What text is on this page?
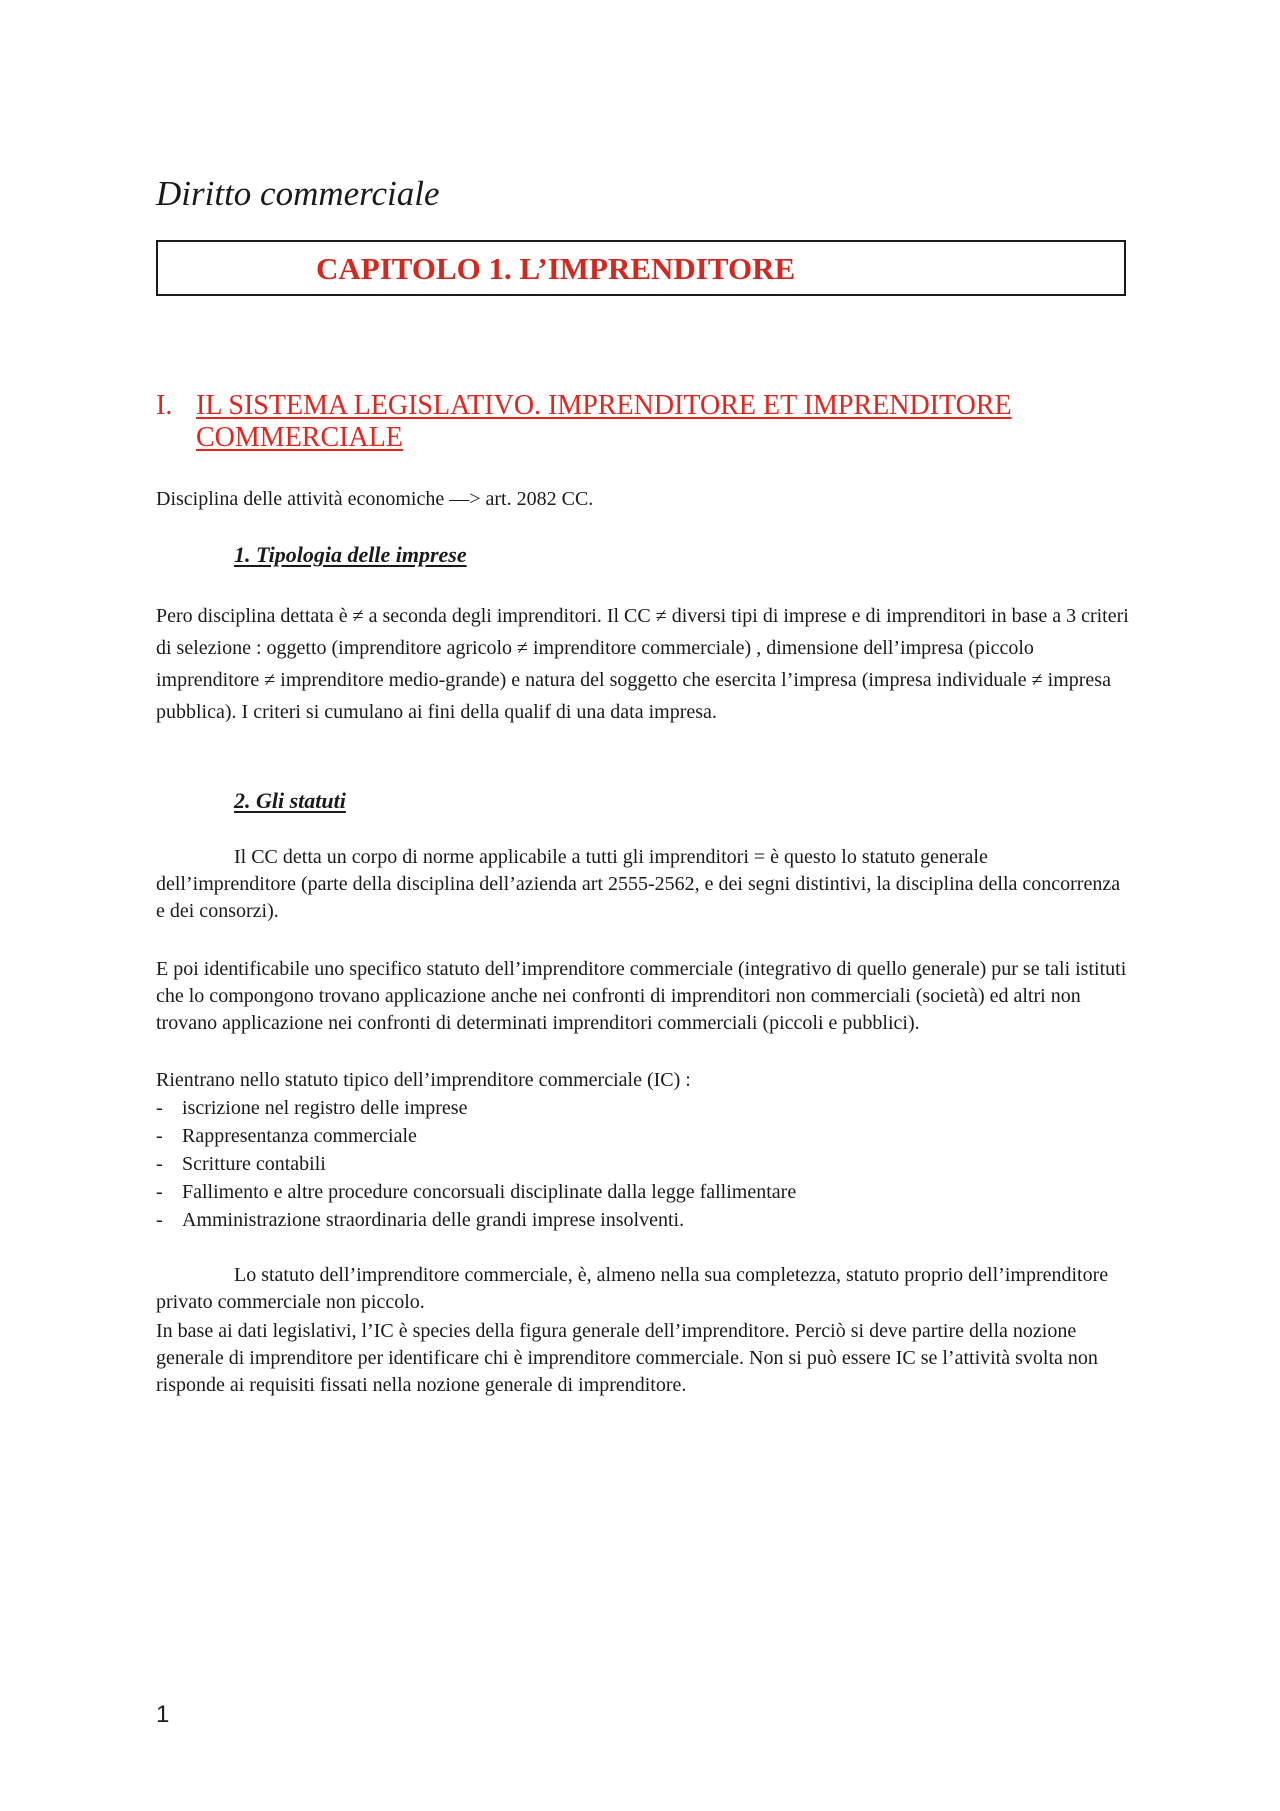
Diritto commerciale
CAPITOLO 1. L’IMPRENDITORE
I. IL SISTEMA LEGISLATIVO. IMPRENDITORE ET IMPRENDITORE COMMERCIALE

Disciplina delle attività economiche —> art. 2082 CC.

1. Tipologia delle imprese

Pero disciplina dettata è ≠ a seconda degli imprenditori. Il CC ≠ diversi tipi di imprese e di imprenditori in base a 3 criteri di selezione : oggetto (imprenditore agricolo ≠ imprenditore commerciale) , dimensione dell’impresa (piccolo imprenditore ≠ imprenditore medio-grande) e natura del soggetto che esercita l’impresa (impresa individuale ≠ impresa pubblica). I criteri si cumulano ai fini della qualif di una data impresa.

2. Gli statuti

Il CC detta un corpo di norme applicabile a tutti gli imprenditori = è questo lo statuto generale dell’imprenditore (parte della disciplina dell’azienda art 2555-2562, e dei segni distintivi, la disciplina della concorrenza e dei consorzi).

E poi identificabile uno specifico statuto dell’imprenditore commerciale (integrativo di quello generale) pur se tali istituti che lo compongono trovano applicazione anche nei confronti di imprenditori non commerciali (società) ed altri non trovano applicazione nei confronti di determinati imprenditori commerciali (piccoli e pubblici).

Rientrano nello statuto tipico dell’imprenditore commerciale (IC) :

- iscrizione nel registro delle imprese
- Rappresentanza commerciale
- Scritture contabili
- Fallimento e altre procedure concorsuali disciplinate dalla legge fallimentare
- Amministrazione straordinaria delle grandi imprese insolventi.

Lo statuto dell’imprenditore commerciale, è, almeno nella sua completezza, statuto proprio dell’imprenditore privato commerciale non piccolo.

In base ai dati legislativi, l’IC è species della figura generale dell’imprenditore. Perciò si deve partire della nozione generale di imprenditore per identificare chi è imprenditore commerciale. Non si può essere IC se l’attività svolta non risponde ai requisiti fissati nella nozione generale di imprenditore.

1
